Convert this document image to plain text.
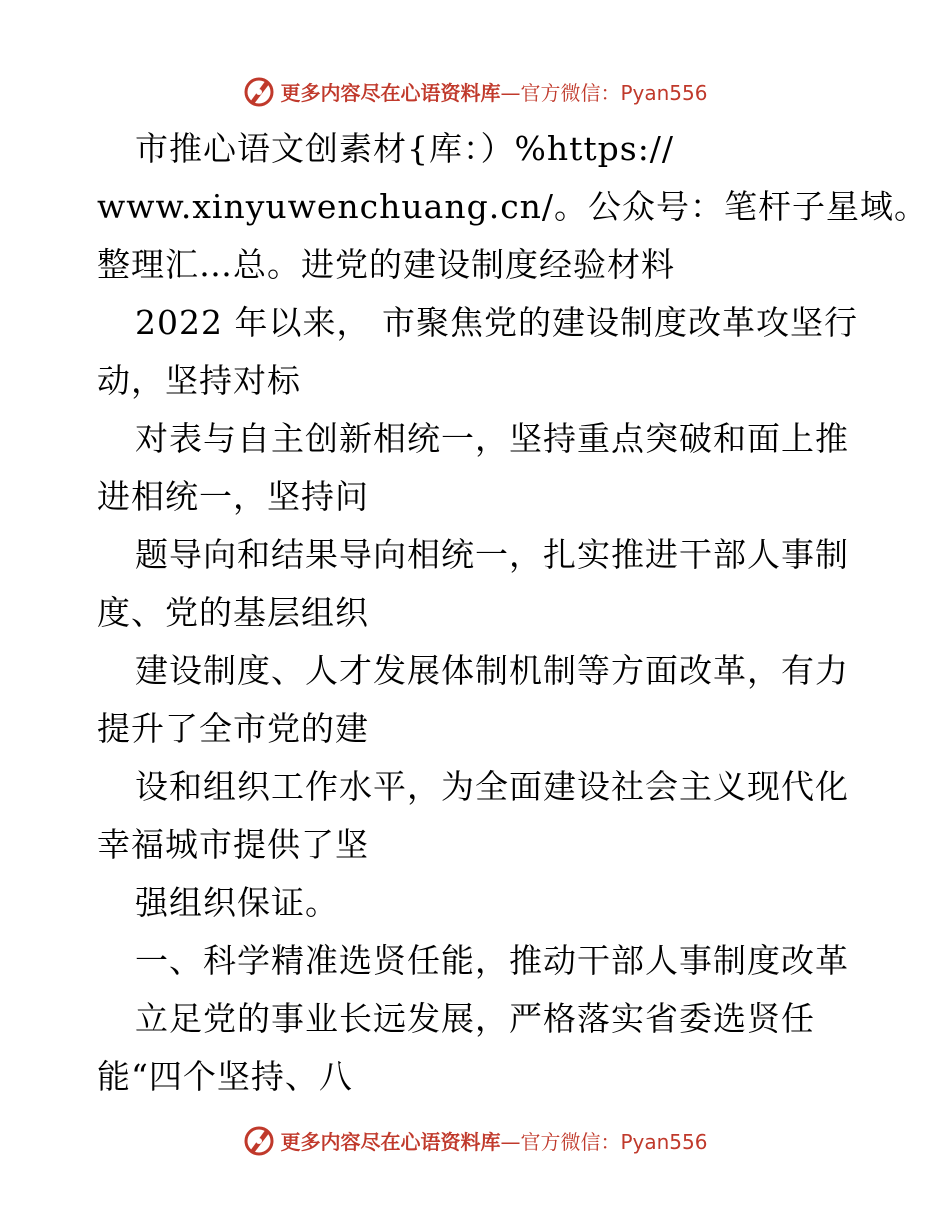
更多内容尽在心语资料库—官方微信：Pyan556
市推心语文创素材{库：）%https://
www.xinyuwenchuang.cn/。公众号：笔杆子星域。
整理汇…总。进党的建设制度经验材料
2022 年以来， 市聚焦党的建设制度改革攻坚行
动，坚持对标
对表与自主创新相统一，坚持重点突破和面上推
进相统一，坚持问
题导向和结果导向相统一，扎实推进干部人事制
度、党的基层组织
建设制度、人才发展体制机制等方面改革，有力
提升了全市党的建
设和组织工作水平，为全面建设社会主义现代化
幸福城市提供了坚
强组织保证。
一、科学精准选贤任能，推动干部人事制度改革
立足党的事业长远发展，严格落实省委选贤任
能“四个坚持、八
更多内容尽在心语资料库—官方微信：Pyan556
